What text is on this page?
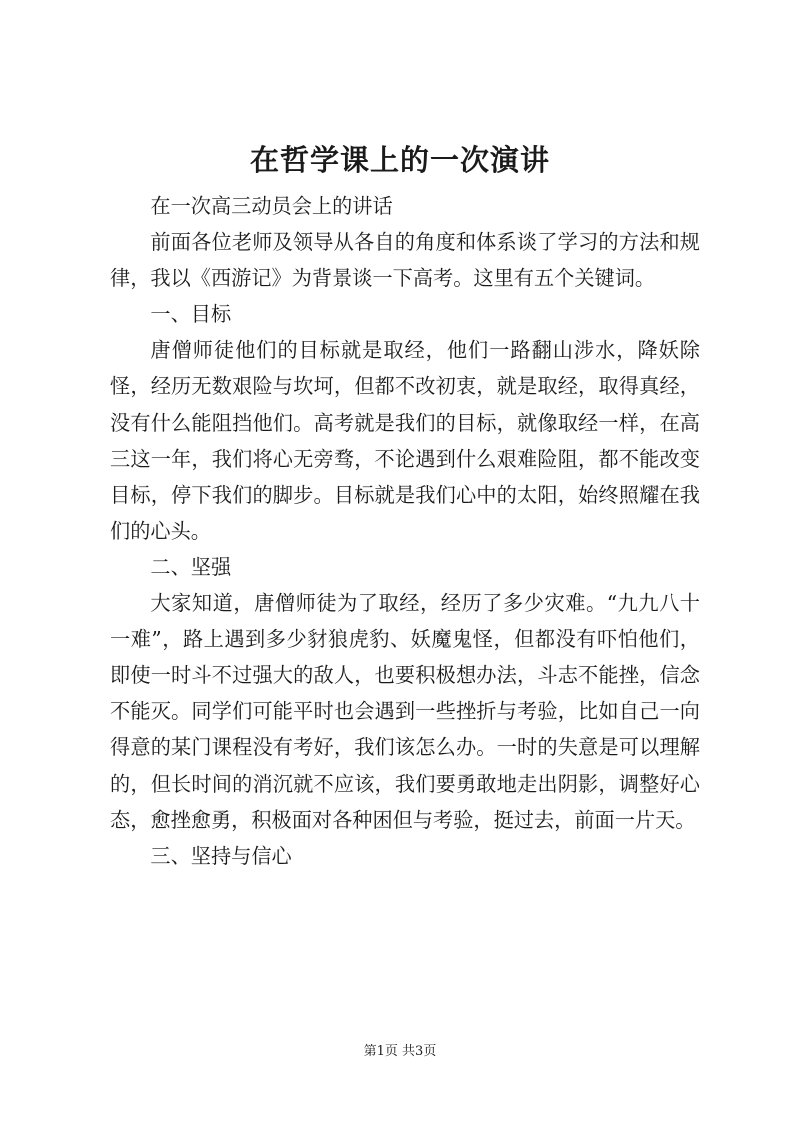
在哲学课上的一次演讲

在一次高三动员会上的讲话

前面各位老师及领导从各自的角度和体系谈了学习的方法和规律，我以《西游记》为背景谈一下高考。这里有五个关键词。

一、目标

唐僧师徒他们的目标就是取经，他们一路翻山涉水，降妖除怪，经历无数艰险与坎坷，但都不改初衷，就是取经，取得真经，没有什么能阻挡他们。高考就是我们的目标，就像取经一样，在高三这一年，我们将心无旁骛，不论遇到什么艰难险阻，都不能改变目标，停下我们的脚步。目标就是我们心中的太阳，始终照耀在我们的心头。

二、坚强

大家知道，唐僧师徒为了取经，经历了多少灾难。“九九八十一难”，路上遇到多少豺狼虎豹、妖魔鬼怪，但都没有吓怕他们，即使一时斗不过强大的敌人，也要积极想办法，斗志不能挫，信念不能灭。同学们可能平时也会遇到一些挫折与考验，比如自己一向得意的某门课程没有考好，我们该怎么办。一时的失意是可以理解的，但长时间的消沉就不应该，我们要勇敢地走出阴影，调整好心态，愈挫愈勇，积极面对各种困但与考验，挺过去，前面一片天。

三、坚持与信心

第1页 共3页
